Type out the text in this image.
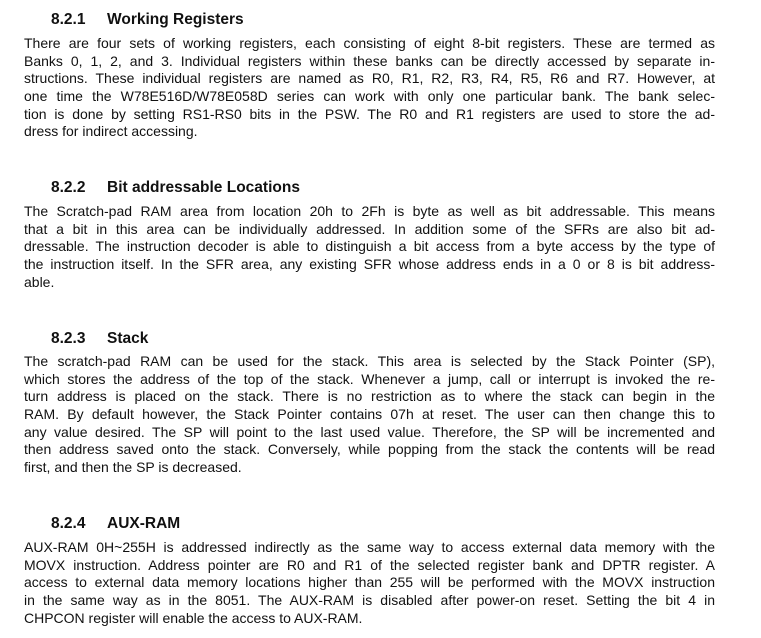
8.2.1 Working Registers
There are four sets of working registers, each consisting of eight 8-bit registers. These are termed as
Banks 0, 1, 2, and 3. Individual registers within these banks can be directly accessed by separate in-
structions. These individual registers are named as R0, R1, R2, R3, R4, R5, R6 and R7. However, at
one time the W78E516D/W78E058D series can work with only one particular bank. The bank selec-
tion is done by setting RS1-RS0 bits in the PSW. The R0 and R1 registers are used to store the ad-
dress for indirect accessing.
8.2.2 Bit addressable Locations
The Scratch-pad RAM area from location 20h to 2Fh is byte as well as bit addressable. This means
that a bit in this area can be individually addressed. In addition some of the SFRs are also bit ad-
dressable. The instruction decoder is able to distinguish a bit access from a byte access by the type of
the instruction itself. In the SFR area, any existing SFR whose address ends in a 0 or 8 is bit address-
able.
8.2.3 Stack
The scratch-pad RAM can be used for the stack. This area is selected by the Stack Pointer (SP),
which stores the address of the top of the stack. Whenever a jump, call or interrupt is invoked the re-
turn address is placed on the stack. There is no restriction as to where the stack can begin in the
RAM. By default however, the Stack Pointer contains 07h at reset. The user can then change this to
any value desired. The SP will point to the last used value. Therefore, the SP will be incremented and
then address saved onto the stack. Conversely, while popping from the stack the contents will be read
first, and then the SP is decreased.
8.2.4 AUX-RAM
AUX-RAM 0H~255H is addressed indirectly as the same way to access external data memory with the
MOVX instruction. Address pointer are R0 and R1 of the selected register bank and DPTR register. A
access to external data memory locations higher than 255 will be performed with the MOVX instruction
in the same way as in the 8051. The AUX-RAM is disabled after power-on reset. Setting the bit 4 in
CHPCON register will enable the access to AUX-RAM.
